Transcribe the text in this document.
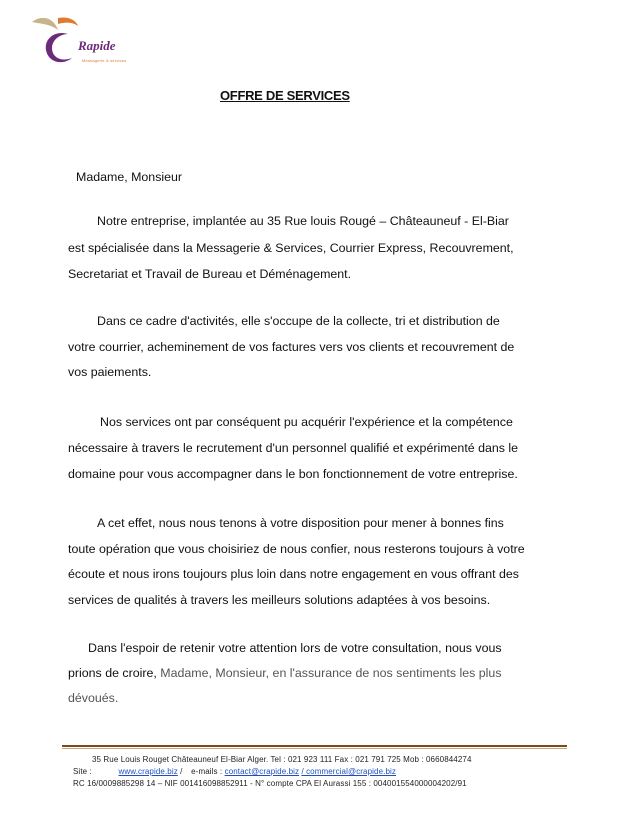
Rapide
Messagerie & services
OFFRE DE SERVICES

Madame, Monsieur

Notre entreprise, implantée au 35 Rue louis Rougé – Châteauneuf - El-Biar

est spécialisée dans la Messagerie & Services, Courrier Express, Recouvrement,

Secretariat et Travail de Bureau et Déménagement.

Dans ce cadre d'activités, elle s'occupe de la collecte, tri et distribution de

votre courrier, acheminement de vos factures vers vos clients et recouvrement de

vos paiements.

Nos services ont par conséquent pu acquérir l'expérience et la compétence

nécessaire à travers le recrutement d'un personnel qualifié et expérimenté dans le

domaine pour vous accompagner dans le bon fonctionnement de votre entreprise.

A cet effet, nous nous tenons à votre disposition pour mener à bonnes fins

toute opération que vous choisiriez de nous confier, nous resterons toujours à votre

écoute et nous irons toujours plus loin dans notre engagement en vous offrant des

services de qualités à travers les meilleurs solutions adaptées à vos besoins.

Dans l'espoir de retenir votre attention lors de votre consultation, nous vous

prions de croire, Madame, Monsieur, en l'assurance de nos sentiments les plus

dévoués.

35 Rue Louis Rouget Châteauneuf El-Biar Alger. Tel : 021 923 111 Fax : 021 791 725 Mob : 0660844274
Site :	www.crapide.biz / e-mails : contact@crapide.biz / commercial@crapide.biz
RC 16/0009885298 14 – NIF 001416098852911 - N° compte CPA El Aurassi 155 : 004001554000004202/91
